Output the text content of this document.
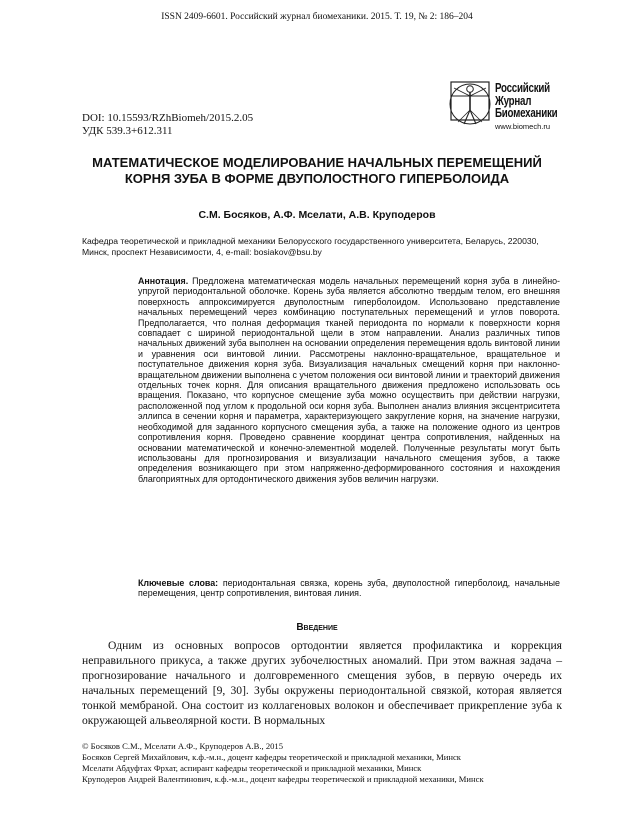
ISSN 2409-6601. Российский журнал биомеханики. 2015. Т. 19, № 2: 186–204
DOI: 10.15593/RZhBiomeh/2015.2.05
УДК 539.3+612.311
Российский
Журнал
Биомеханики
www.biomech.ru
МАТЕМАТИЧЕСКОЕ МОДЕЛИРОВАНИЕ НАЧАЛЬНЫХ ПЕРЕМЕЩЕНИЙ
КОРНЯ ЗУБА В ФОРМЕ ДВУПОЛОСТНОГО ГИПЕРБОЛОИДА
С.М. Босяков, А.Ф. Мселати, А.В. Круподеров
Кафедра теоретической и прикладной механики Белорусского государственного университета, Беларусь, 220030, Минск, проспект Независимости, 4, e-mail: bosiakov@bsu.by
Аннотация. Предложена математическая модель начальных перемещений корня зуба в линейно-упругой периодонтальной оболочке. Корень зуба является абсолютно твердым телом, его внешняя поверхность аппроксимируется двуполостным гиперболоидом. Использовано представление начальных перемещений через комбинацию поступательных перемещений и углов поворота. Предполагается, что полная деформация тканей периодонта по нормали к поверхности корня совпадает с шириной периодонтальной щели в этом направлении. Анализ различных типов начальных движений зуба выполнен на основании определения перемещения вдоль винтовой линии и уравнения оси винтовой линии. Рассмотрены наклонно-вращательное, вращательное и поступательное движения корня зуба. Визуализация начальных смещений корня при наклонно-вращательном движении выполнена с учетом положения оси винтовой линии и траекторий движения отдельных точек корня. Для описания вращательного движения предложено использовать ось вращения. Показано, что корпусное смещение зуба можно осуществить при действии нагрузки, расположенной под углом к продольной оси корня зуба. Выполнен анализ влияния эксцентриситета эллипса в сечении корня и параметра, характеризующего закругление корня, на значение нагрузки, необходимой для заданного корпусного смещения зуба, а также на положение одного из центров сопротивления корня. Проведено сравнение координат центра сопротивления, найденных на основании математической и конечно-элементной моделей. Полученные результаты могут быть использованы для прогнозирования и визуализации начального смещения зубов, а также определения возникающего при этом напряженно-деформированного состояния и нахождения благоприятных для ортодонтического движения зубов величин нагрузки.
Ключевые слова: периодонтальная связка, корень зуба, двуполостной гиперболоид, начальные перемещения, центр сопротивления, винтовая линия.
Введение
Одним из основных вопросов ортодонтии является профилактика и коррекция неправильного прикуса, а также других зубочелюстных аномалий. При этом важная задача – прогнозирование начального и долговременного смещения зубов, в первую очередь их начальных перемещений [9, 30]. Зубы окружены периодонтальной связкой, которая является тонкой мембраной. Она состоит из коллагеновых волокон и обеспечивает прикрепление зуба к окружающей альвеолярной кости. В нормальных
© Босяков С.М., Мселати А.Ф., Круподеров А.В., 2015
Босяков Сергей Михайлович, к.ф.-м.н., доцент кафедры теоретической и прикладной механики, Минск
Мселати Абдуфтах Фрхат, аспирант кафедры теоретической и прикладной механики, Минск
Круподеров Андрей Валентинович, к.ф.-м.н., доцент кафедры теоретической и прикладной механики, Минск
